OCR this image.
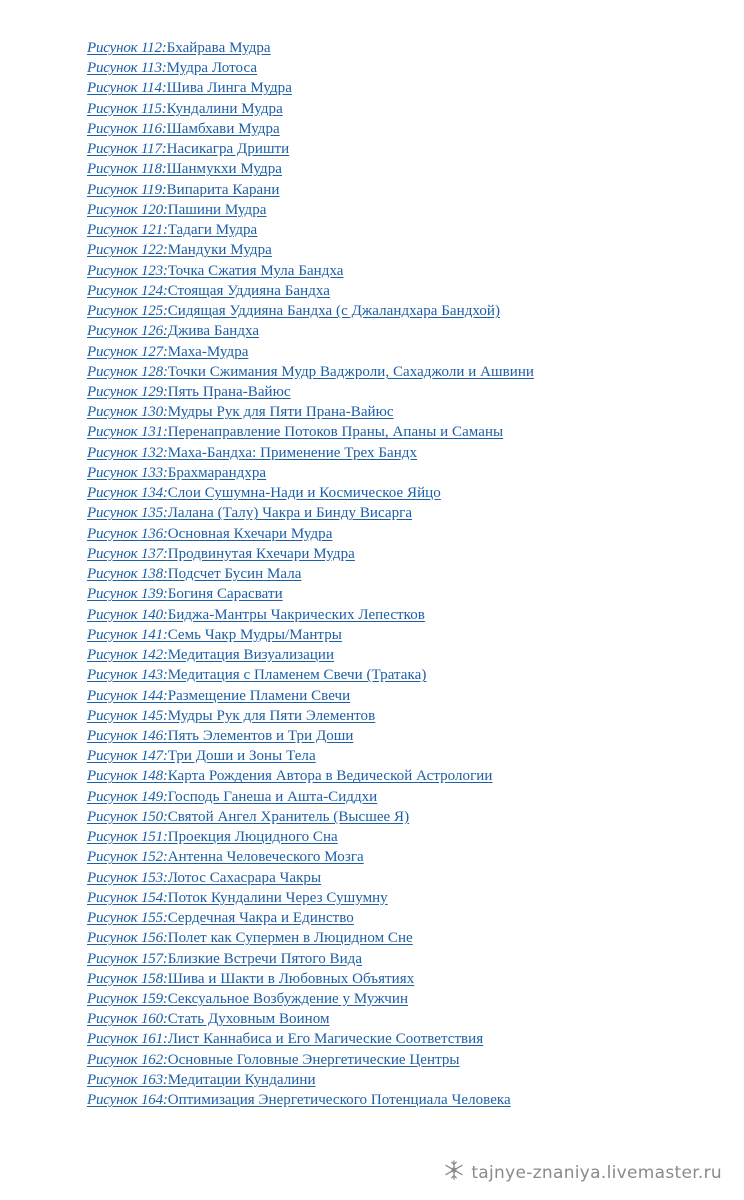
Рисунок 112:Бхайрава Мудра
Рисунок 113:Мудра Лотоса
Рисунок 114:Шива Линга Мудра
Рисунок 115:Кундалини Мудра
Рисунок 116:Шамбхави Мудра
Рисунок 117:Насикагра Дришти
Рисунок 118:Шанмукхи Мудра
Рисунок 119:Випарита Карани
Рисунок 120:Пашини Мудра
Рисунок 121:Тадаги Мудра
Рисунок 122:Мандуки Мудра
Рисунок 123:Точка Сжатия Мула Бандха
Рисунок 124:Стоящая Уддияна Бандха
Рисунок 125:Сидящая Уддияна Бандха (с Джаландхара Бандхой)
Рисунок 126:Джива Бандха
Рисунок 127:Маха-Мудра
Рисунок 128:Точки Сжимания Мудр Ваджроли, Сахаджоли и Ашвини
Рисунок 129:Пять Прана-Вайюс
Рисунок 130:Мудры Рук для Пяти Прана-Вайюс
Рисунок 131:Перенаправление Потоков Праны, Апаны и Саманы
Рисунок 132:Маха-Бандха: Применение Трех Бандх
Рисунок 133:Брахмарандхра
Рисунок 134:Слои Сушумна-Нади и Космическое Яйцо
Рисунок 135:Лалана (Талу) Чакра и Бинду Висарга
Рисунок 136:Основная Кхечари Мудра
Рисунок 137:Продвинутая Кхечари Мудра
Рисунок 138:Подсчет Бусин Мала
Рисунок 139:Богиня Сарасвати
Рисунок 140:Биджа-Мантры Чакрических Лепестков
Рисунок 141:Семь Чакр Мудры/Мантры
Рисунок 142:Медитация Визуализации
Рисунок 143:Медитация с Пламенем Свечи (Тратака)
Рисунок 144:Размещение Пламени Свечи
Рисунок 145:Мудры Рук для Пяти Элементов
Рисунок 146:Пять Элементов и Три Доши
Рисунок 147:Три Доши и Зоны Тела
Рисунок 148:Карта Рождения Автора в Ведической Астрологии
Рисунок 149:Господь Ганеша и Ашта-Сиддхи
Рисунок 150:Святой Ангел Хранитель (Высшее Я)
Рисунок 151:Проекция Люцидного Сна
Рисунок 152:Антенна Человеческого Мозга
Рисунок 153:Лотос Сахасрара Чакры
Рисунок 154:Поток Кундалини Через Сушумну
Рисунок 155:Сердечная Чакра и Единство
Рисунок 156:Полет как Супермен в Люцидном Сне
Рисунок 157:Близкие Встречи Пятого Вида
Рисунок 158:Шива и Шакти в Любовных Объятиях
Рисунок 159:Сексуальное Возбуждение у Мужчин
Рисунок 160:Стать Духовным Воином
Рисунок 161:Лист Каннабиса и Его Магические Соответствия
Рисунок 162:Основные Головные Энергетические Центры
Рисунок 163:Медитации Кундалини
Рисунок 164:Оптимизация Энергетического Потенциала Человека
tajnye-znaniya.livemaster.ru
